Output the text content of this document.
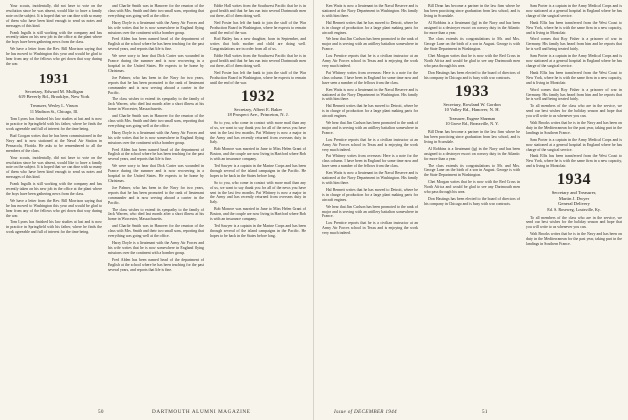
Your scouts, incidentally, did not have to vote on the resolution since he was absent, would like to have a family note on the subject. It is hoped that we can dine with so many of them who have been kind enough to send us notes and messages of this kind.

Frank Ingalls is still working with the company and has recently taken on his new job in the office at the plant where the boys have been gathering news from the class.

We have a letter from the Rev. Bill Morrison saying that he has moved to Washington this year and would be glad to hear from any of the fellows who get down that way during the war.

1931
Secretary, Edward M. Mulligan
619 Beverly Rd., Brooklyn, New York
Treasurer, Wesley L. Vinson
11 Madison St., Chicago, Ill.

Tom Lyons has finished his law studies at last and is now in practice in Springfield with his father, where he finds the work agreeable and full of interest for the time being.

Bud Coogan writes that he has been commissioned in the Navy and is now stationed at the Naval Air Station in Pensacola, Florida. He asks to be remembered to all the members of the class.

Your scouts, incidentally, did not have to vote on the resolution since he was absent, would like to have a family note on the subject. It is hoped that we can dine with so many of them who have been kind enough to send us notes and messages of this kind.

Frank Ingalls is still working with the company and has recently taken on his new job in the office at the plant where the boys have been gathering news from the class.

We have a letter from the Rev. Bill Morrison saying that he has moved to Washington this year and would be glad to hear from any of the fellows who get down that way during the war.

Tom Lyons has finished his law studies at last and is now in practice in Springfield with his father, where he finds the work agreeable and full of interest for the time being.

and Charlie Smith was in Hanover for the reunion of the class with Mrs. Smith and their two small sons, reporting that everything was going well at the office.

Harry Doyle is a lieutenant with the Army Air Forces and his wife writes that he is now somewhere in England flying missions over the continent with a bomber group.

Fred Alden has been named head of the department of English at the school where he has been teaching for the past several years, and reports that life is fine.

We were sorry to hear that Dick Carter was wounded in France during the summer and is now recovering in a hospital in the United States. He expects to be home by Christmas.

Joe Palmer, who has been in the Navy for two years, reports that he has been promoted to the rank of lieutenant commander and is now serving aboard a carrier in the Pacific.

The class wishes to extend its sympathy to the family of Jack Warren, who died last month after a short illness at his home in Worcester, Massachusetts.

and Charlie Smith was in Hanover for the reunion of the class with Mrs. Smith and their two small sons, reporting that everything was going well at the office.

Harry Doyle is a lieutenant with the Army Air Forces and his wife writes that he is now somewhere in England flying missions over the continent with a bomber group.

Fred Alden has been named head of the department of English at the school where he has been teaching for the past several years, and reports that life is fine.

We were sorry to hear that Dick Carter was wounded in France during the summer and is now recovering in a hospital in the United States. He expects to be home by Christmas.

Joe Palmer, who has been in the Navy for two years, reports that he has been promoted to the rank of lieutenant commander and is now serving aboard a carrier in the Pacific.

The class wishes to extend its sympathy to the family of Jack Warren, who died last month after a short illness at his home in Worcester, Massachusetts.

and Charlie Smith was in Hanover for the reunion of the class with Mrs. Smith and their two small sons, reporting that everything was going well at the office.

Harry Doyle is a lieutenant with the Army Air Forces and his wife writes that he is now somewhere in England flying missions over the continent with a bomber group.

Fred Alden has been named head of the department of English at the school where he has been teaching for the past several years, and reports that life is fine.

Eddie Hall writes from the Southwest Pacific that he is in good health and that he has run into several Dartmouth men out there, all of them doing well.

Ned Foster has left the bank to join the staff of the War Production Board in Washington, where he expects to remain until the end of the war.

Rod Bailey has a new daughter, born in September, and writes that both mother and child are doing well. Congratulations are in order from all of us.

Eddie Hall writes from the Southwest Pacific that he is in good health and that he has run into several Dartmouth men out there, all of them doing well.

Ned Foster has left the bank to join the staff of the War Production Board in Washington, where he expects to remain until the end of the war.

1932
Secretary, Albert E. Baker
18 Prospect Ave., Princeton, N. J.

So to you, who come in contact with more mail than any of us, we want to say thank you for all of the news you have sent in the last few months. Pat Whitney is now a major in the Army and has recently returned from overseas duty in Italy.

Bob Monroe was married in June to Miss Helen Grant of Boston, and the couple are now living in Hartford where Bob is with an insurance company.

Ted Sawyer is a captain in the Marine Corps and has been through several of the island campaigns in the Pacific. He hopes to be back in the States before long.

So to you, who come in contact with more mail than any of us, we want to say thank you for all of the news you have sent in the last few months. Pat Whitney is now a major in the Army and has recently returned from overseas duty in Italy.

Bob Monroe was married in June to Miss Helen Grant of Boston, and the couple are now living in Hartford where Bob is with an insurance company.

Ted Sawyer is a captain in the Marine Corps and has been through several of the island campaigns in the Pacific. He hopes to be back in the States before long.

Ken Watts is now a lieutenant in the Naval Reserve and is stationed at the Navy Department in Washington. His family is with him there.

Hal Bennett writes that he has moved to Detroit, where he is in charge of production for a large plant making parts for aircraft engines.

We hear that Jim Carlson has been promoted to the rank of major and is serving with an artillery battalion somewhere in France.

Lou Prentice reports that he is a civilian instructor at an Army Air Forces school in Texas and is enjoying the work very much indeed.

Pat Whitney writes from overseas: Here is a note for the class column. I have been in England for some time now and have seen a number of the fellows from the class.

Ken Watts is now a lieutenant in the Naval Reserve and is stationed at the Navy Department in Washington. His family is with him there.

Hal Bennett writes that he has moved to Detroit, where he is in charge of production for a large plant making parts for aircraft engines.

We hear that Jim Carlson has been promoted to the rank of major and is serving with an artillery battalion somewhere in France.

Lou Prentice reports that he is a civilian instructor at an Army Air Forces school in Texas and is enjoying the work very much indeed.

Pat Whitney writes from overseas: Here is a note for the class column. I have been in England for some time now and have seen a number of the fellows from the class.

Ken Watts is now a lieutenant in the Naval Reserve and is stationed at the Navy Department in Washington. His family is with him there.

Hal Bennett writes that he has moved to Detroit, where he is in charge of production for a large plant making parts for aircraft engines.

We hear that Jim Carlson has been promoted to the rank of major and is serving with an artillery battalion somewhere in France.

Lou Prentice reports that he is a civilian instructor at an Army Air Forces school in Texas and is enjoying the work very much indeed.

Bill Dean has become a partner in the law firm where he has been practicing since graduation from law school, and is living in Scarsdale.

Al Robbins is a lieutenant (jg) in the Navy and has been assigned to a destroyer escort on convoy duty in the Atlantic for more than a year.

The class extends its congratulations to Mr. and Mrs. George Lane on the birth of a son in August. George is with the State Department in Washington.

Chet Morgan writes that he is now with the Red Cross in North Africa and would be glad to see any Dartmouth men who pass through his area.

Don Hastings has been elected to the board of directors of his company in Chicago and is busy with war contracts.

1933
Secretary, Rowland W. Gordon
10 Valley Rd., Hanover, N. H.
Treasurer, Eugene Sharman
10 Grove Rd., Bronxville, N. Y.

Bill Dean has become a partner in the law firm where he has been practicing since graduation from law school, and is living in Scarsdale.

Al Robbins is a lieutenant (jg) in the Navy and has been assigned to a destroyer escort on convoy duty in the Atlantic for more than a year.

The class extends its congratulations to Mr. and Mrs. George Lane on the birth of a son in August. George is with the State Department in Washington.

Chet Morgan writes that he is now with the Red Cross in North Africa and would be glad to see any Dartmouth men who pass through his area.

Don Hastings has been elected to the board of directors of his company in Chicago and is busy with war contracts.

Sam Porter is a captain in the Army Medical Corps and is now stationed at a general hospital in England where he has charge of the surgical service.

Hank Ellis has been transferred from the West Coast to New York, where he is with the same firm in a new capacity, and is living in Montclair.

Word comes that Roy Fisher is a prisoner of war in Germany. His family has heard from him and he reports that he is well and being treated fairly.

Sam Porter is a captain in the Army Medical Corps and is now stationed at a general hospital in England where he has charge of the surgical service.

Hank Ellis has been transferred from the West Coast to New York, where he is with the same firm in a new capacity, and is living in Montclair.

Word comes that Roy Fisher is a prisoner of war in Germany. His family has heard from him and he reports that he is well and being treated fairly.

To all members of the class who are in the service, we send our best wishes for the holiday season and hope that you will write to us whenever you can.

Walt Brooks writes that he is in the Navy and has been on duty in the Mediterranean for the past year, taking part in the landings in Southern France.

Sam Porter is a captain in the Army Medical Corps and is now stationed at a general hospital in England where he has charge of the surgical service.

Hank Ellis has been transferred from the West Coast to New York, where he is with the same firm in a new capacity, and is living in Montclair.

1934
Secretary and Treasurer,
Martin J. Dwyer
General Delivery
Ed. S. Roseweg, Louisville, Ky.

To all members of the class who are in the service, we send our best wishes for the holiday season and hope that you will write to us whenever you can.

Walt Brooks writes that he is in the Navy and has been on duty in the Mediterranean for the past year, taking part in the landings in Southern France.

50	DARTMOUTH ALUMNI MAGAZINE	Issue of DECEMBER 1944	51
